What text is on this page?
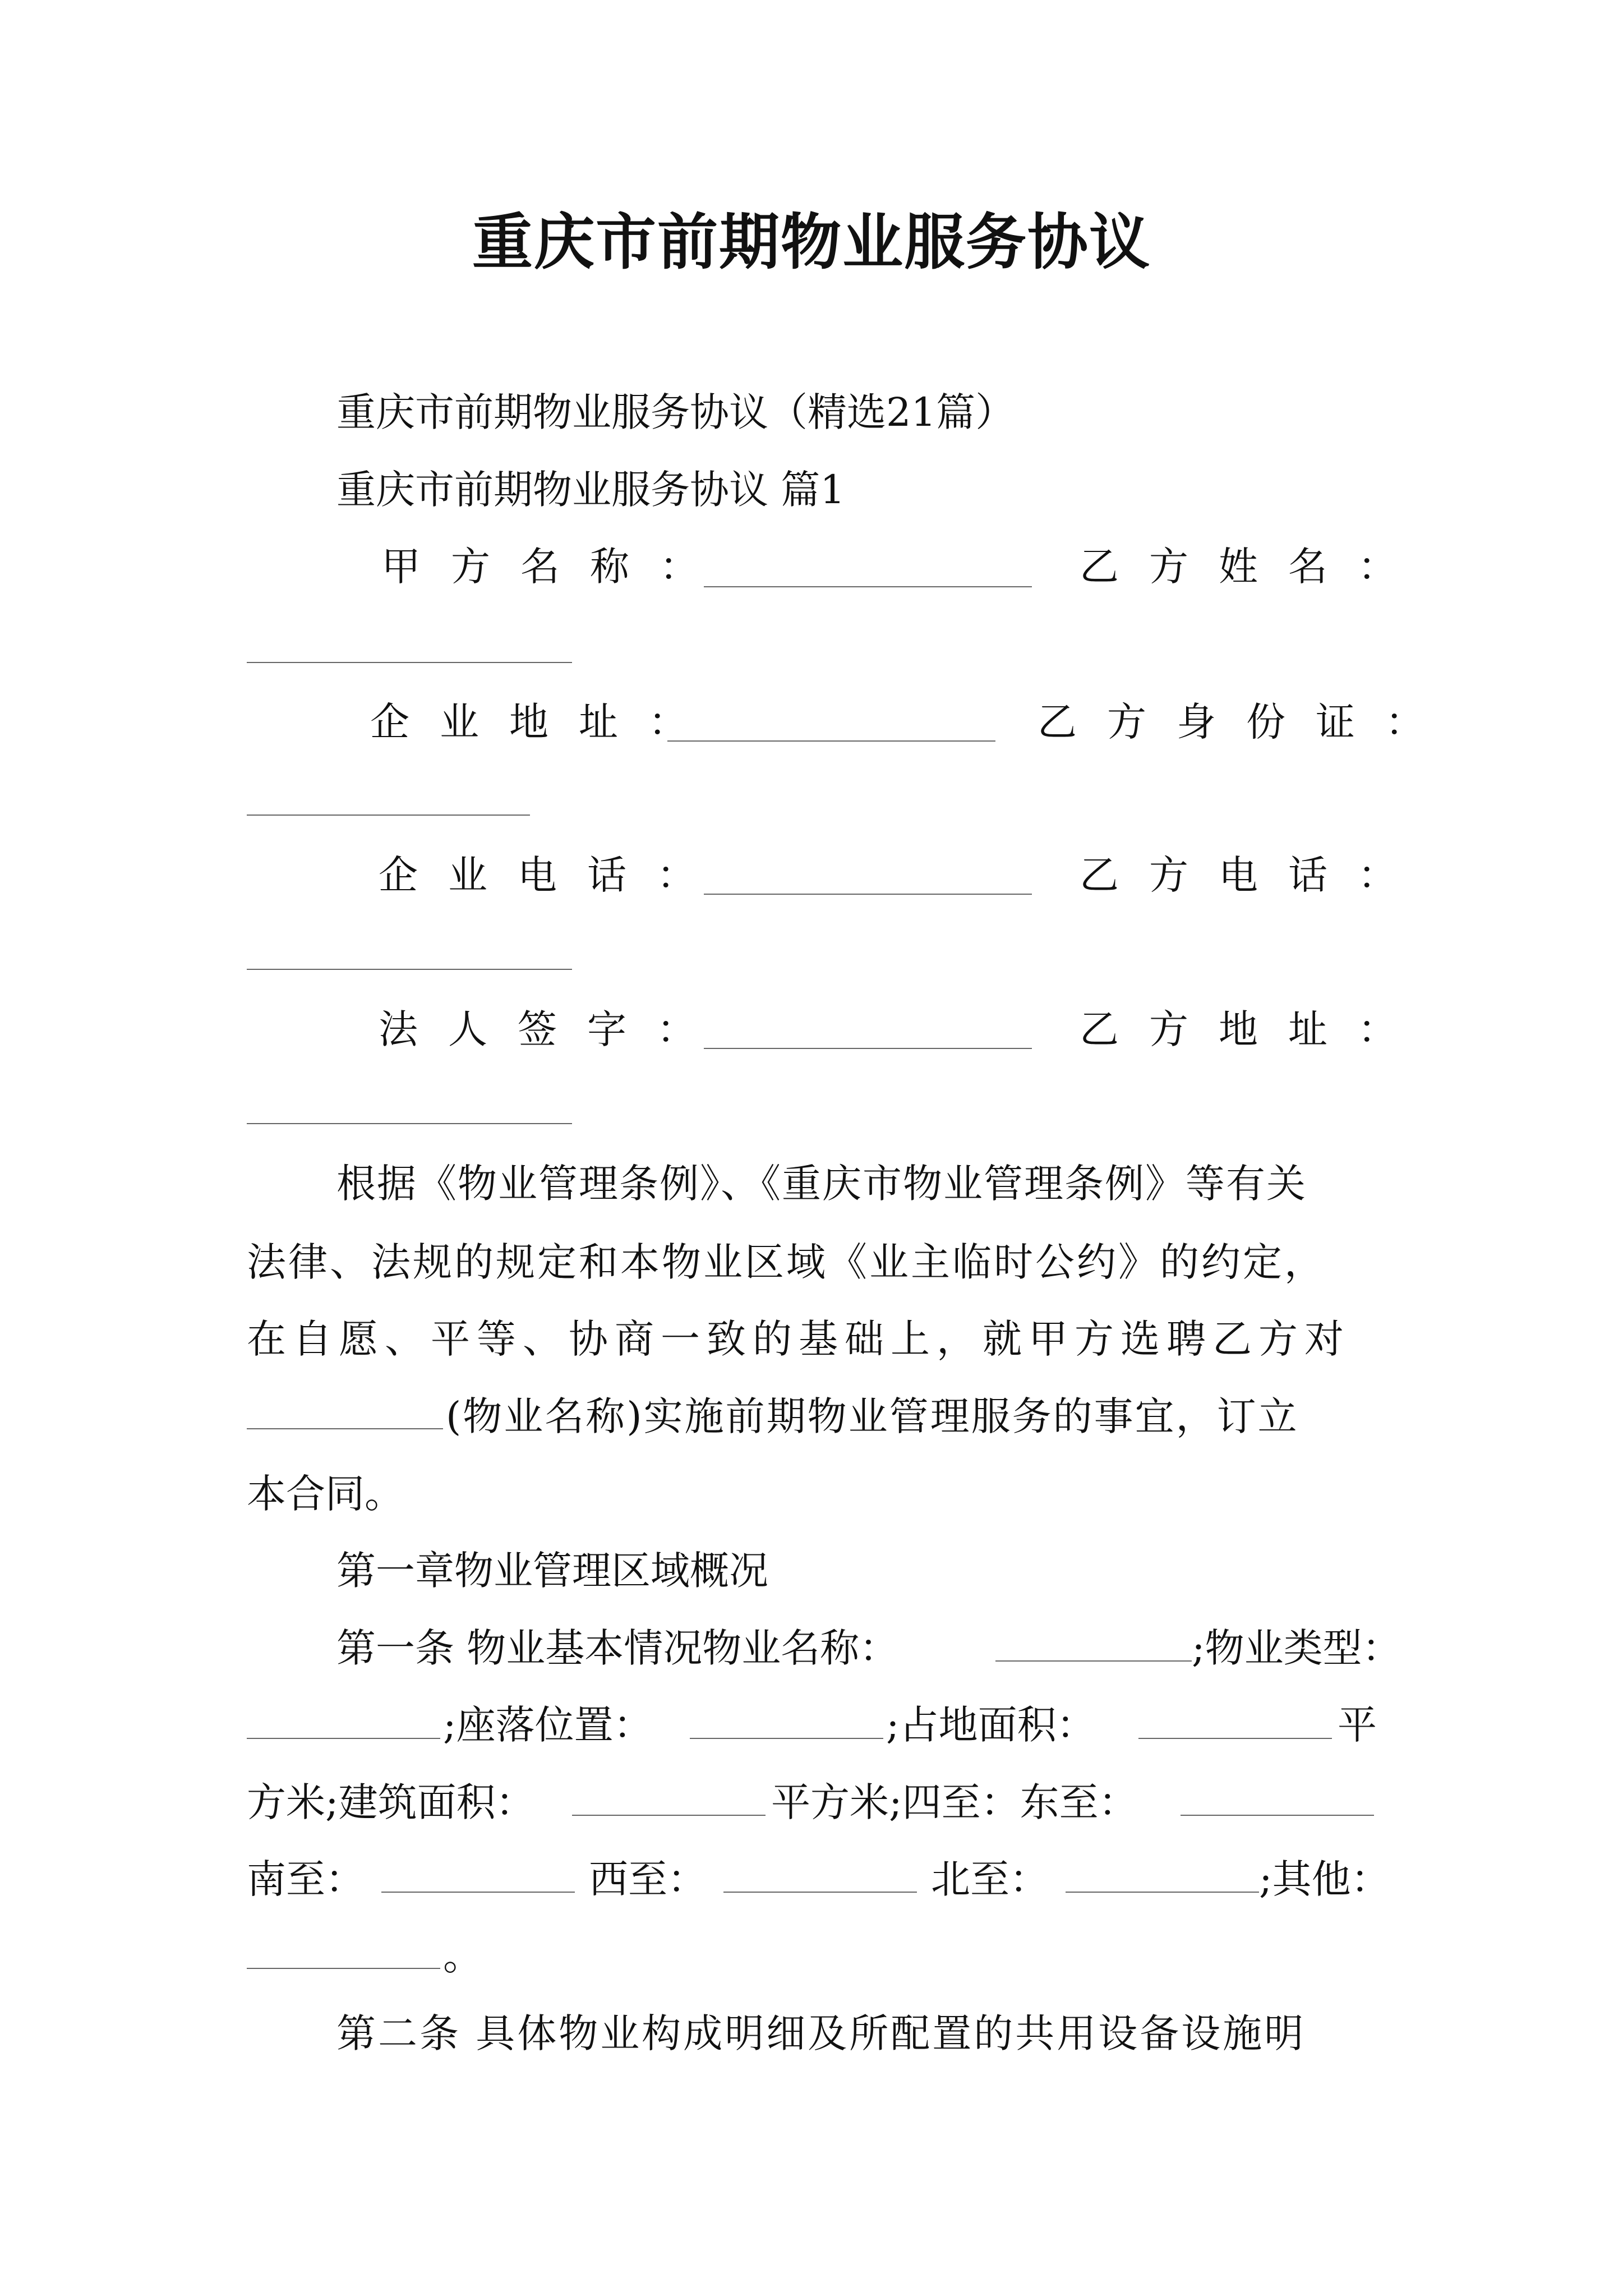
重庆市前期物业服务协议
重庆市前期物业服务协议（精选21篇）
重庆市前期物业服务协议 篇1
甲方名称：	乙方姓名：
企业地址：	乙方身份证：
企业电话：	乙方电话：
法人签字：	乙方地址：
根据《物业管理条例》、《重庆市物业管理条例》等有关
法律、法规的规定和本物业区域《业主临时公约》的约定，
在自愿、平等、协商一致的基础上，就甲方选聘乙方对
(物业名称)实施前期物业管理服务的事宜，订立
本合同。
第一章物业管理区域概况
第一条 物业基本情况物业名称：	;物业类型：
;座落位置：	;占地面积：	平
方米;建筑面积：	平方米;四至：东至：
南至：	西至：	北至：	;其他：
。
第二条 具体物业构成明细及所配置的共用设备设施明
